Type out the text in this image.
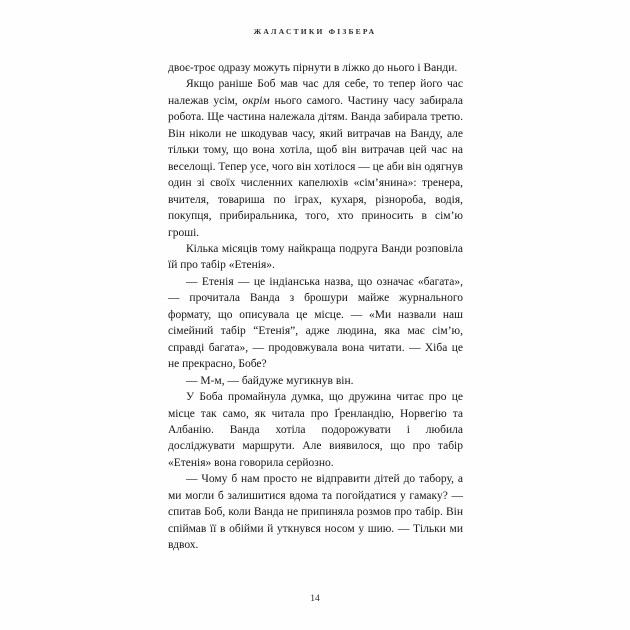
ЖАЛАСТИКИ ФІЗБЕРА

двоє-троє одразу можуть пірнути в ліжко до нього і Ванди.

Якщо раніше Боб мав час для себе, то тепер його час належав усім, окрім нього самого. Частину часу забирала робота. Ще частина належала дітям. Ванда забирала третю. Він ніколи не шкодував часу, який витрачав на Ванду, але тільки тому, що вона хотіла, щоб він витрачав цей час на веселощі. Тепер усе, чого він хотілося — це аби він одягнув один зі своїх численних капелюхів «сім’янина»: тренера, вчителя, товариша по іграх, кухаря, різнороба, водія, покупця, прибиральника, того, хто приносить в сім’ю гроші.

Кілька місяців тому найкраща подруга Ванди розповіла їй про табір «Етенія».

— Етенія — це індіанська назва, що означає «багата», — прочитала Ванда з брошури майже журнального формату, що описувала це місце. — «Ми назвали наш сімейний табір “Етенія”, адже людина, яка має сім’ю, справді багата», — продовжувала вона читати. — Хіба це не прекрасно, Бобе?

— М-м, — байдуже мугикнув він.

У Боба промайнула думка, що дружина читає про це місце так само, як читала про Ґренландію, Норвегію та Албанію. Ванда хотіла подорожувати і любила досліджувати маршрути. Але виявилося, що про табір «Етенія» вона говорила серйозно.

— Чому б нам просто не відправити дітей до табору, а ми могли б залишитися вдома та погойдатися у гамаку? — спитав Боб, коли Ванда не припиняла розмов про табір. Він спіймав її в обійми й уткнувся носом у шию. — Тільки ми вдвох.

14
